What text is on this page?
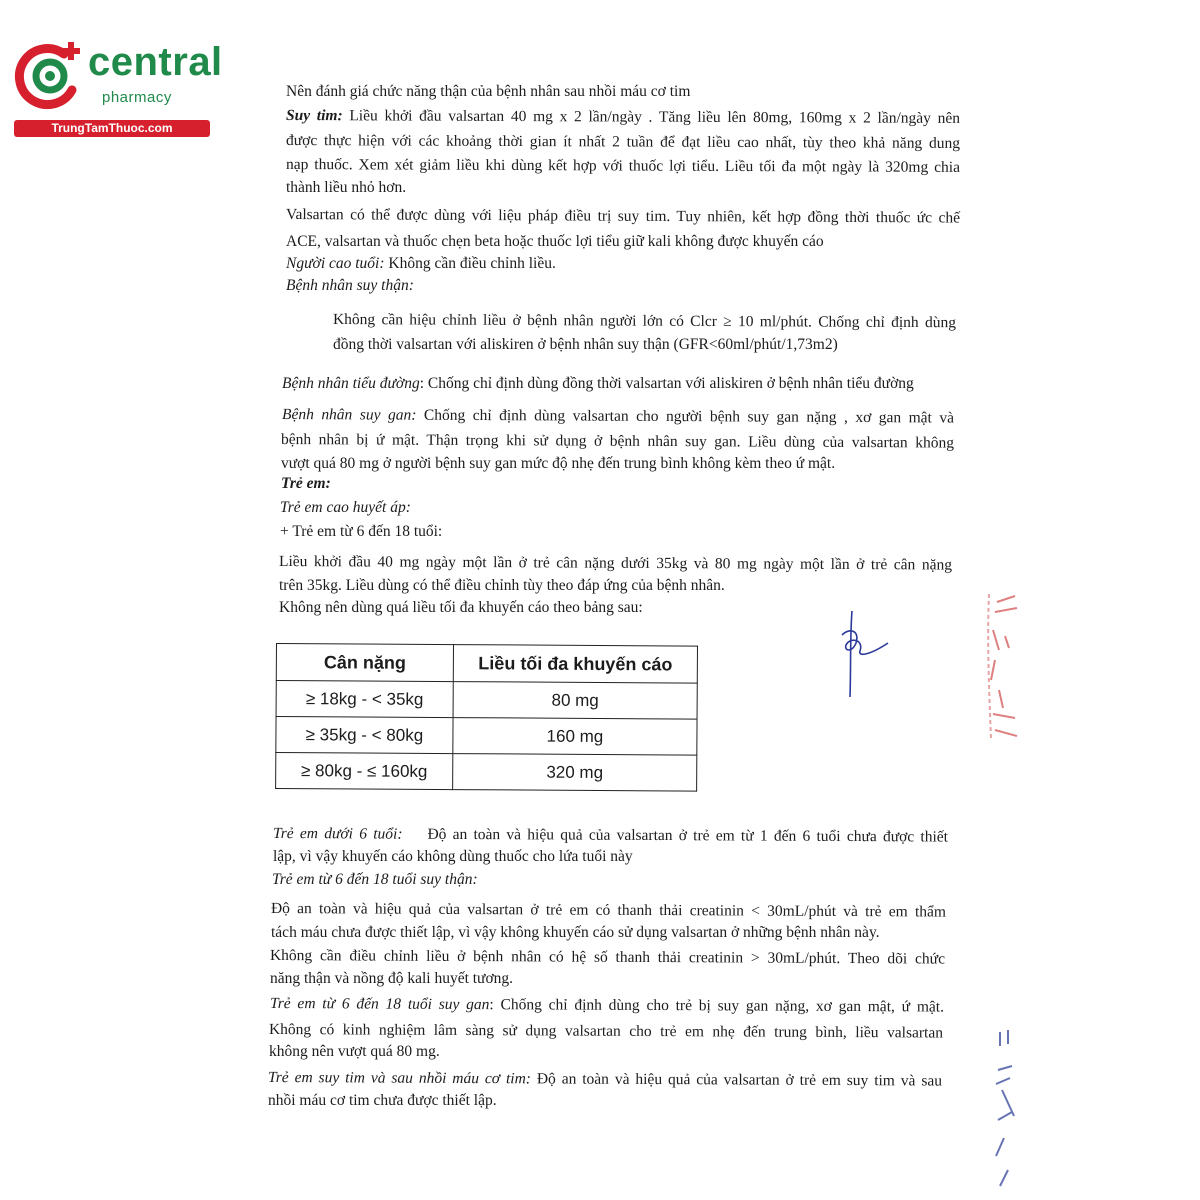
central
pharmacy
TrungTamThuoc.com
Nên đánh giá chức năng thận của bệnh nhân sau nhồi máu cơ tim
Suy tim: Liều khởi đầu valsartan 40 mg x 2 lần/ngày . Tăng liều lên 80mg, 160mg x 2 lần/ngày nên
được thực hiện với các khoảng thời gian ít nhất 2 tuần để đạt liều cao nhất, tùy theo khả năng dung
nạp thuốc. Xem xét giảm liều khi dùng kết hợp với thuốc lợi tiểu. Liều tối đa một ngày là 320mg chia
thành liều nhỏ hơn.
Valsartan có thể được dùng với liệu pháp điều trị suy tim. Tuy nhiên, kết hợp đồng thời thuốc ức chế
ACE, valsartan và thuốc chẹn beta hoặc thuốc lợi tiểu giữ kali không được khuyến cáo
Người cao tuổi: Không cần điều chỉnh liều.
Bệnh nhân suy thận:
Không cần hiệu chỉnh liều ở bệnh nhân người lớn có Clcr ≥ 10 ml/phút. Chống chỉ định dùng
đồng thời valsartan với aliskiren ở bệnh nhân suy thận (GFR<60ml/phút/1,73m2)
Bệnh nhân tiểu đường: Chống chỉ định dùng đồng thời valsartan với aliskiren ở bệnh nhân tiểu đường
Bệnh nhân suy gan: Chống chỉ định dùng valsartan cho người bệnh suy gan nặng , xơ gan mật và
bệnh nhân bị ứ mật. Thận trọng khi sử dụng ở bệnh nhân suy gan. Liều dùng của valsartan không
vượt quá 80 mg ở người bệnh suy gan mức độ nhẹ đến trung bình không kèm theo ứ mật.
Trẻ em:
Trẻ em cao huyết áp:
+ Trẻ em từ 6 đến 18 tuổi:
Liều khởi đầu 40 mg ngày một lần ở trẻ cân nặng dưới 35kg và 80 mg ngày một lần ở trẻ cân nặng
trên 35kg. Liều dùng có thể điều chỉnh tùy theo đáp ứng của bệnh nhân.
Không nên dùng quá liều tối đa khuyến cáo theo bảng sau:
Cân nặng	Liều tối đa khuyến cáo
≥ 18kg - < 35kg	80 mg
≥ 35kg - < 80kg	160 mg
≥ 80kg - ≤ 160kg	320 mg
Trẻ em dưới 6 tuổi: Độ an toàn và hiệu quả của valsartan ở trẻ em từ 1 đến 6 tuổi chưa được thiết
lập, vì vậy khuyến cáo không dùng thuốc cho lứa tuổi này
Trẻ em từ 6 đến 18 tuổi suy thận:
Độ an toàn và hiệu quả của valsartan ở trẻ em có thanh thải creatinin < 30mL/phút và trẻ em thẩm
tách máu chưa được thiết lập, vì vậy không khuyến cáo sử dụng valsartan ở những bệnh nhân này.
Không cần điều chỉnh liều ở bệnh nhân có hệ số thanh thải creatinin > 30mL/phút. Theo dõi chức
năng thận và nồng độ kali huyết tương.
Trẻ em từ 6 đến 18 tuổi suy gan: Chống chỉ định dùng cho trẻ bị suy gan nặng, xơ gan mật, ứ mật.
Không có kinh nghiệm lâm sàng sử dụng valsartan cho trẻ em nhẹ đến trung bình, liều valsartan
không nên vượt quá 80 mg.
Trẻ em suy tim và sau nhồi máu cơ tim: Độ an toàn và hiệu quả của valsartan ở trẻ em suy tim và sau
nhồi máu cơ tim chưa được thiết lập.
